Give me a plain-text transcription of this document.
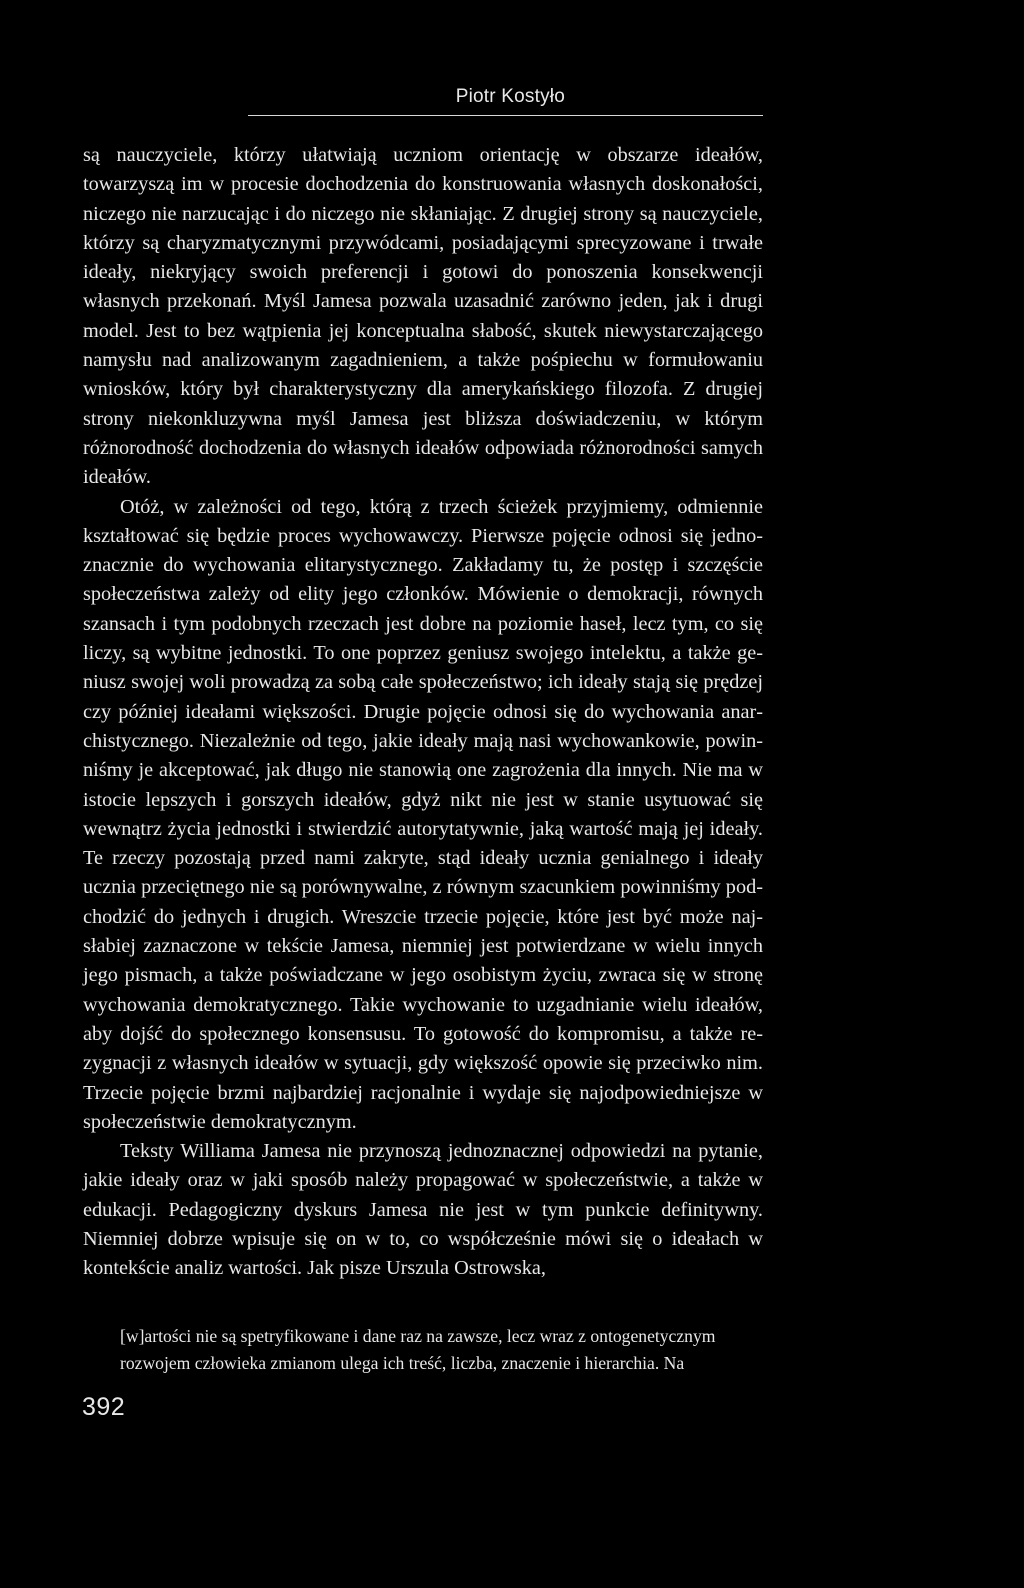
Piotr Kostyło

są nauczyciele, którzy ułatwiają uczniom orientację w obszarze ideałów, towarzyszą im w procesie dochodzenia do konstruowania własnych doskonałości, niczego nie narzucając i do niczego nie skłaniając. Z drugiej strony są nauczyciele, którzy są charyzmatycznymi przywódcami, posiadającymi sprecyzowane i trwałe ideały, niekryjący swoich preferencji i gotowi do ponoszenia konsekwencji własnych przekonań. Myśl Jamesa pozwala uzasadnić zarówno jeden, jak i drugi model. Jest to bez wątpienia jej konceptualna słabość, skutek niewystarczającego namysłu nad analizowanym zagadnieniem, a także pośpiechu w formułowaniu wniosków, który był charakterystyczny dla amerykańskiego filozofa. Z drugiej strony niekonkluzywna myśl Jamesa jest bliższa doświadczeniu, w którym różnorodność dochodzenia do własnych ideałów odpowiada różnorodności samych ideałów.

Otóż, w zależności od tego, którą z trzech ścieżek przyjmiemy, odmiennie kształtować się będzie proces wychowawczy. Pierwsze pojęcie odnosi się jednoznacznie do wychowania elitarystycznego. Zakładamy tu, że postęp i szczęście społeczeństwa zależy od elity jego członków. Mówienie o demokracji, równych szansach i tym podobnych rzeczach jest dobre na poziomie haseł, lecz tym, co się liczy, są wybitne jednostki. To one poprzez geniusz swojego intelektu, a także geniusz swojej woli prowadzą za sobą całe społeczeństwo; ich ideały stają się prędzej czy później ideałami większości. Drugie pojęcie odnosi się do wychowania anarchistycznego. Niezależnie od tego, jakie ideały mają nasi wychowankowie, powinniśmy je akceptować, jak długo nie stanowią one zagrożenia dla innych. Nie ma w istocie lepszych i gorszych ideałów, gdyż nikt nie jest w stanie usytuować się wewnątrz życia jednostki i stwierdzić autorytatywnie, jaką wartość mają jej ideały. Te rzeczy pozostają przed nami zakryte, stąd ideały ucznia genialnego i ideały ucznia przeciętnego nie są porównywalne, z równym szacunkiem powinniśmy podchodzić do jednych i drugich. Wreszcie trzecie pojęcie, które jest być może najsłabiej zaznaczone w tekście Jamesa, niemniej jest potwierdzane w wielu innych jego pismach, a także poświadczane w jego osobistym życiu, zwraca się w stronę wychowania demokratycznego. Takie wychowanie to uzgadnianie wielu ideałów, aby dojść do społecznego konsensusu. To gotowość do kompromisu, a także rezygnacji z własnych ideałów w sytuacji, gdy większość opowie się przeciwko nim. Trzecie pojęcie brzmi najbardziej racjonalnie i wydaje się najodpowiedniejsze w społeczeństwie demokratycznym.

Teksty Williama Jamesa nie przynoszą jednoznacznej odpowiedzi na pytanie, jakie ideały oraz w jaki sposób należy propagować w społeczeństwie, a także w edukacji. Pedagogiczny dyskurs Jamesa nie jest w tym punkcie definitywny. Niemniej dobrze wpisuje się on w to, co współcześnie mówi się o ideałach w kontekście analiz wartości. Jak pisze Urszula Ostrowska,

[w]artości nie są spetryfikowane i dane raz na zawsze, lecz wraz z ontogenetycznym

rozwojem człowieka zmianom ulega ich treść, liczba, znaczenie i hierarchia. Na

392
